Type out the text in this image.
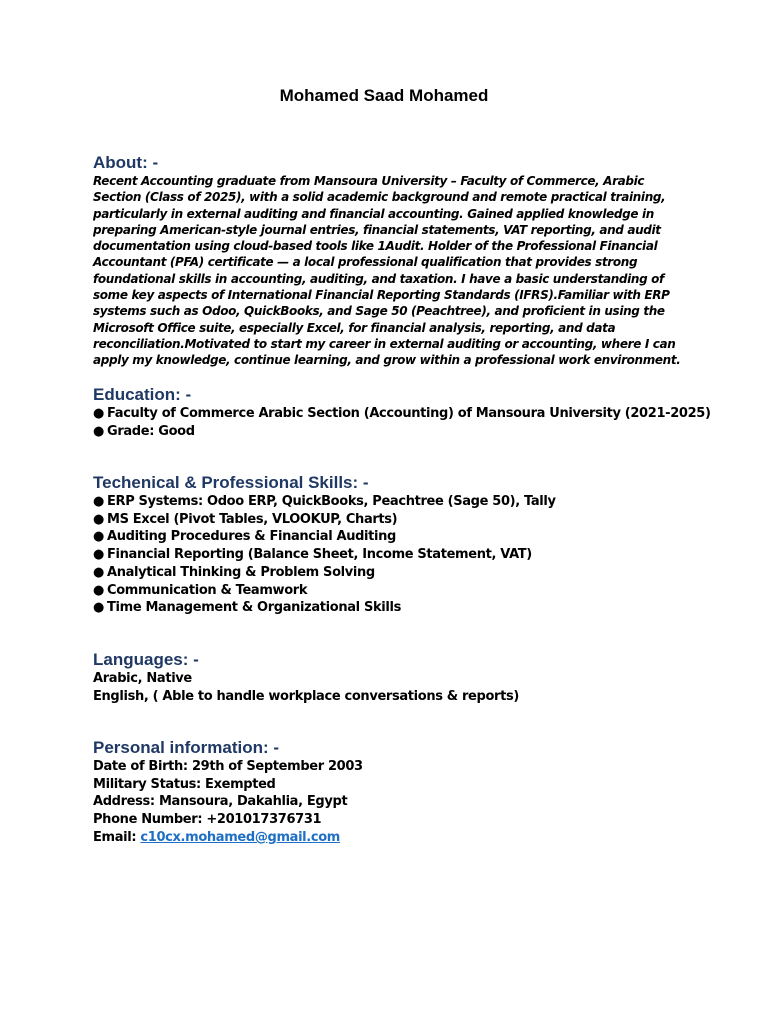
Mohamed Saad Mohamed
About: -

Recent Accounting graduate from Mansoura University – Faculty of Commerce, Arabic Section (Class of 2025), with a solid academic background and remote practical training, particularly in external auditing and financial accounting. Gained applied knowledge in preparing American-style journal entries, financial statements, VAT reporting, and audit documentation using cloud-based tools like 1Audit. Holder of the Professional Financial Accountant (PFA) certificate — a local professional qualification that provides strong foundational skills in accounting, auditing, and taxation. I have a basic understanding of some key aspects of International Financial Reporting Standards (IFRS).Familiar with ERP systems such as Odoo, QuickBooks, and Sage 50 (Peachtree), and proficient in using the Microsoft Office suite, especially Excel, for financial analysis, reporting, and data reconciliation.Motivated to start my career in external auditing or accounting, where I can apply my knowledge, continue learning, and grow within a professional work environment.

Education: -

● Faculty of Commerce Arabic Section (Accounting) of Mansoura University (2021-2025)

● Grade: Good

Techenical & Professional Skills: -

● ERP Systems: Odoo ERP, QuickBooks, Peachtree (Sage 50), Tally

● MS Excel (Pivot Tables, VLOOKUP, Charts)

● Auditing Procedures & Financial Auditing

● Financial Reporting (Balance Sheet, Income Statement, VAT)

● Analytical Thinking & Problem Solving

● Communication & Teamwork

● Time Management & Organizational Skills

Languages: -

Arabic, Native

English, ( Able to handle workplace conversations & reports)

Personal information: -

Date of Birth: 29th of September 2003

Military Status: Exempted

Address: Mansoura, Dakahlia, Egypt

Phone Number: +201017376731

Email: c10cx.mohamed@gmail.com
